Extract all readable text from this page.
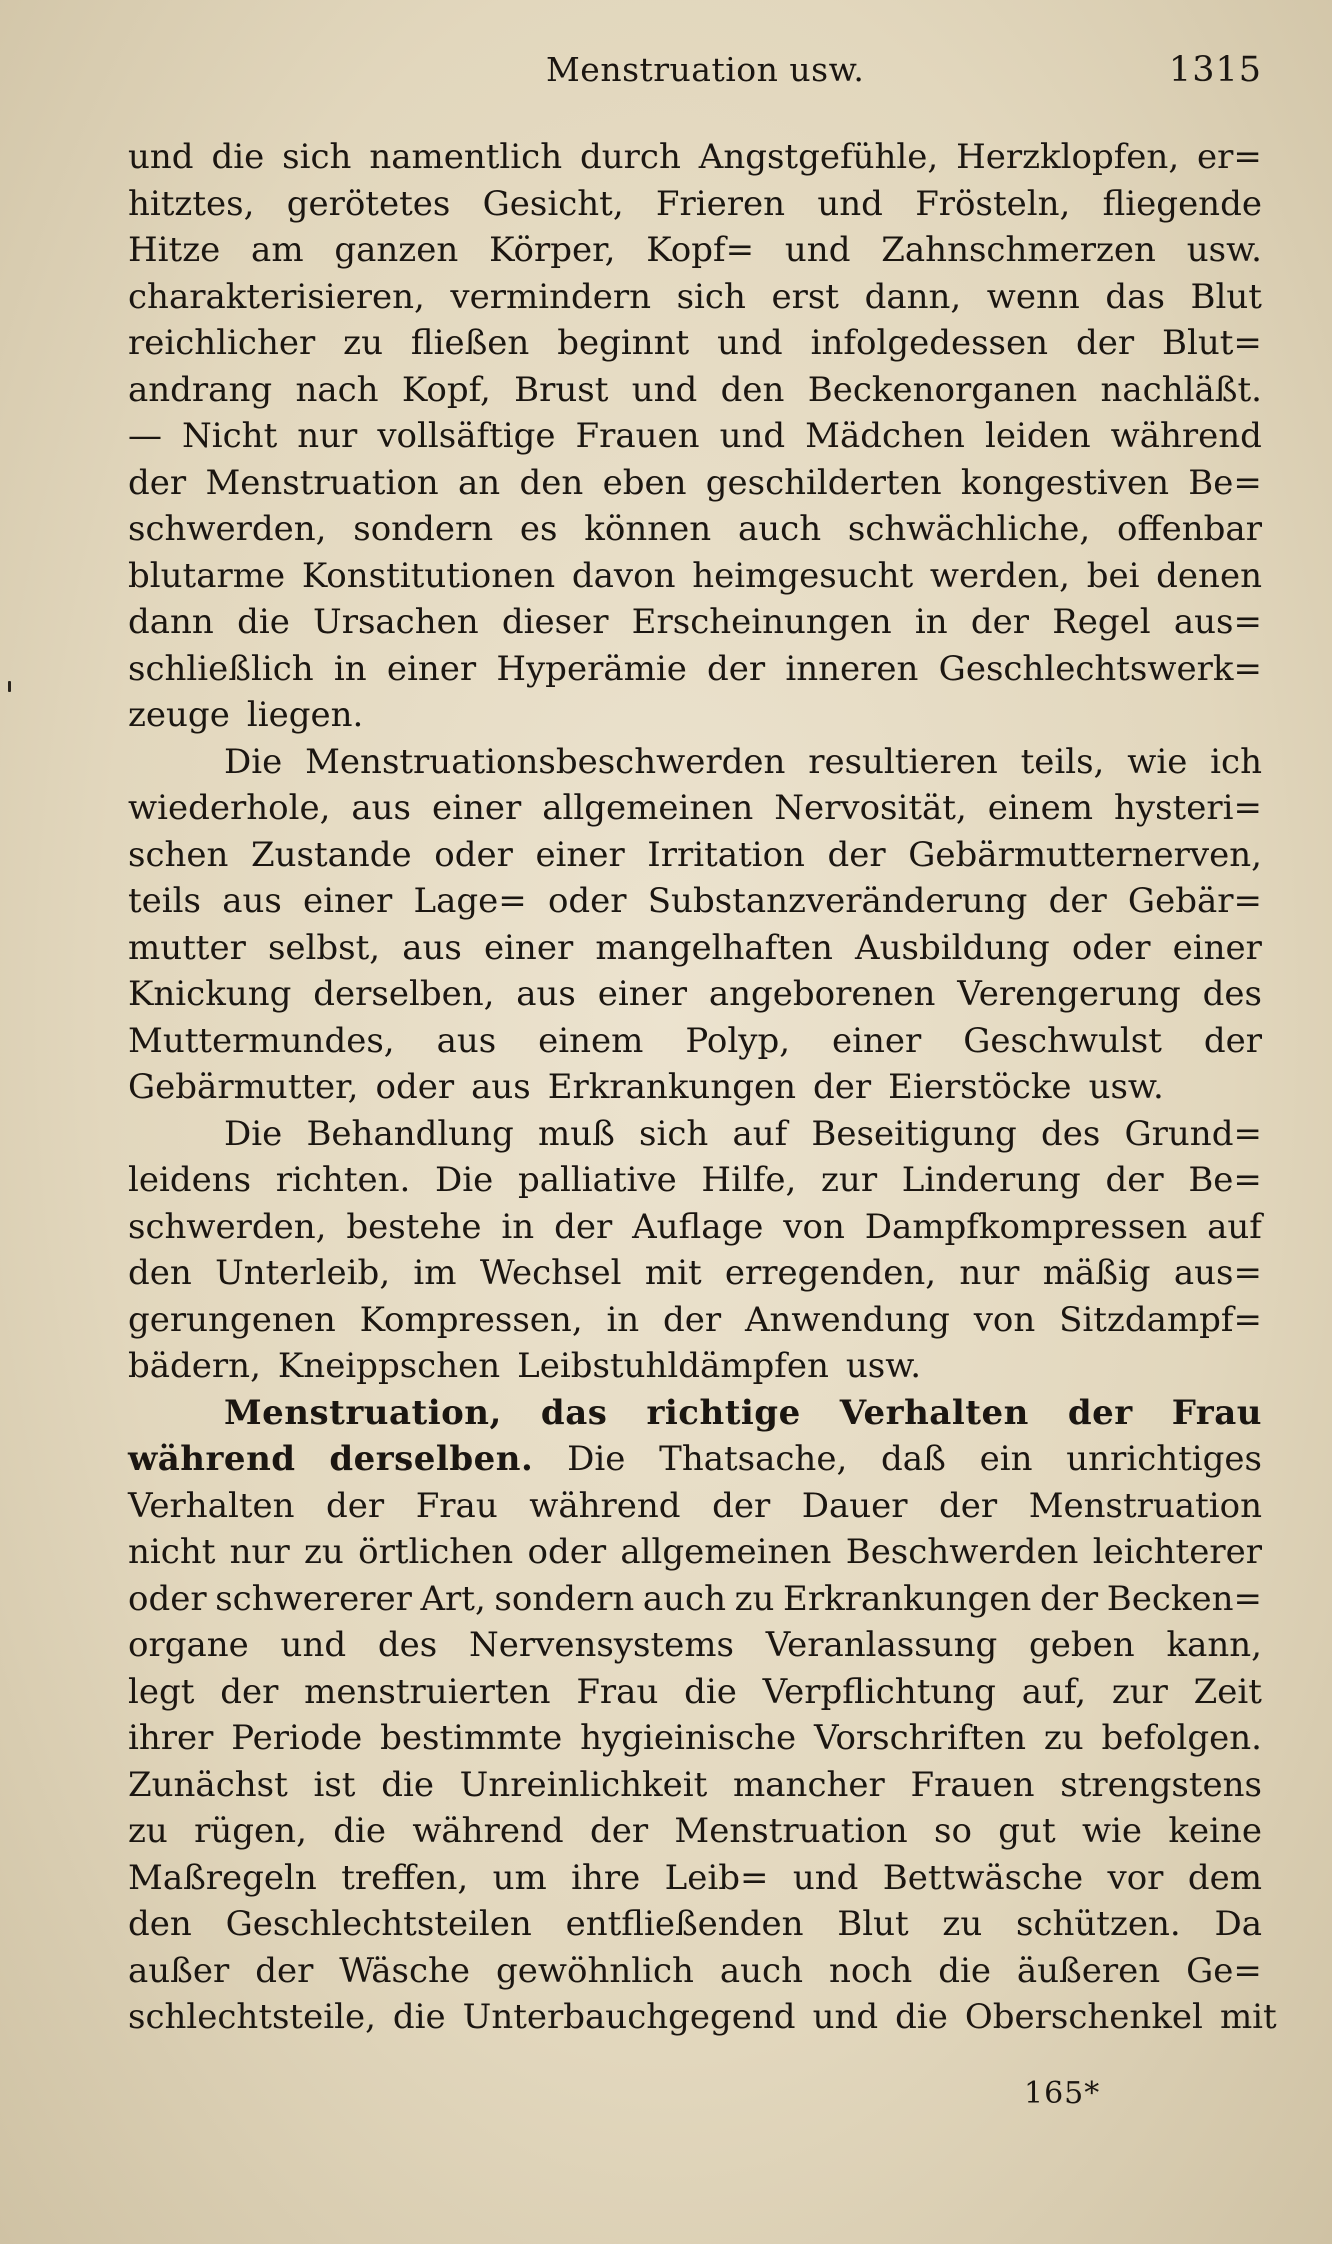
Menstruation usw.	1315
und die sich namentlich durch Angstgefühle, Herzklopfen, er=
hitztes, gerötetes Gesicht, Frieren und Frösteln, fliegende
Hitze am ganzen Körper, Kopf= und Zahnschmerzen usw.
charakterisieren, vermindern sich erst dann, wenn das Blut
reichlicher zu fließen beginnt und infolgedessen der Blut=
andrang nach Kopf, Brust und den Beckenorganen nachläßt.
— Nicht nur vollsäftige Frauen und Mädchen leiden während
der Menstruation an den eben geschilderten kongestiven Be=
schwerden, sondern es können auch schwächliche, offenbar
blutarme Konstitutionen davon heimgesucht werden, bei denen
dann die Ursachen dieser Erscheinungen in der Regel aus=
schließlich in einer Hyperämie der inneren Geschlechtswerk=
zeuge liegen.
Die Menstruationsbeschwerden resultieren teils, wie ich
wiederhole, aus einer allgemeinen Nervosität, einem hysteri=
schen Zustande oder einer Irritation der Gebärmutternerven,
teils aus einer Lage= oder Substanzveränderung der Gebär=
mutter selbst, aus einer mangelhaften Ausbildung oder einer
Knickung derselben, aus einer angeborenen Verengerung des
Muttermundes, aus einem Polyp, einer Geschwulst der
Gebärmutter, oder aus Erkrankungen der Eierstöcke usw.
Die Behandlung muß sich auf Beseitigung des Grund=
leidens richten. Die palliative Hilfe, zur Linderung der Be=
schwerden, bestehe in der Auflage von Dampfkompressen auf
den Unterleib, im Wechsel mit erregenden, nur mäßig aus=
gerungenen Kompressen, in der Anwendung von Sitzdampf=
bädern, Kneippschen Leibstuhldämpfen usw.
Menstruation, das richtige Verhalten der Frau
während derselben. Die Thatsache, daß ein unrichtiges
Verhalten der Frau während der Dauer der Menstruation
nicht nur zu örtlichen oder allgemeinen Beschwerden leichterer
oder schwererer Art, sondern auch zu Erkrankungen der Becken=
organe und des Nervensystems Veranlassung geben kann,
legt der menstruierten Frau die Verpflichtung auf, zur Zeit
ihrer Periode bestimmte hygieinische Vorschriften zu befolgen.
Zunächst ist die Unreinlichkeit mancher Frauen strengstens
zu rügen, die während der Menstruation so gut wie keine
Maßregeln treffen, um ihre Leib= und Bettwäsche vor dem
den Geschlechtsteilen entfließenden Blut zu schützen. Da
außer der Wäsche gewöhnlich auch noch die äußeren Ge=
schlechtsteile, die Unterbauchgegend und die Oberschenkel mit
165*
